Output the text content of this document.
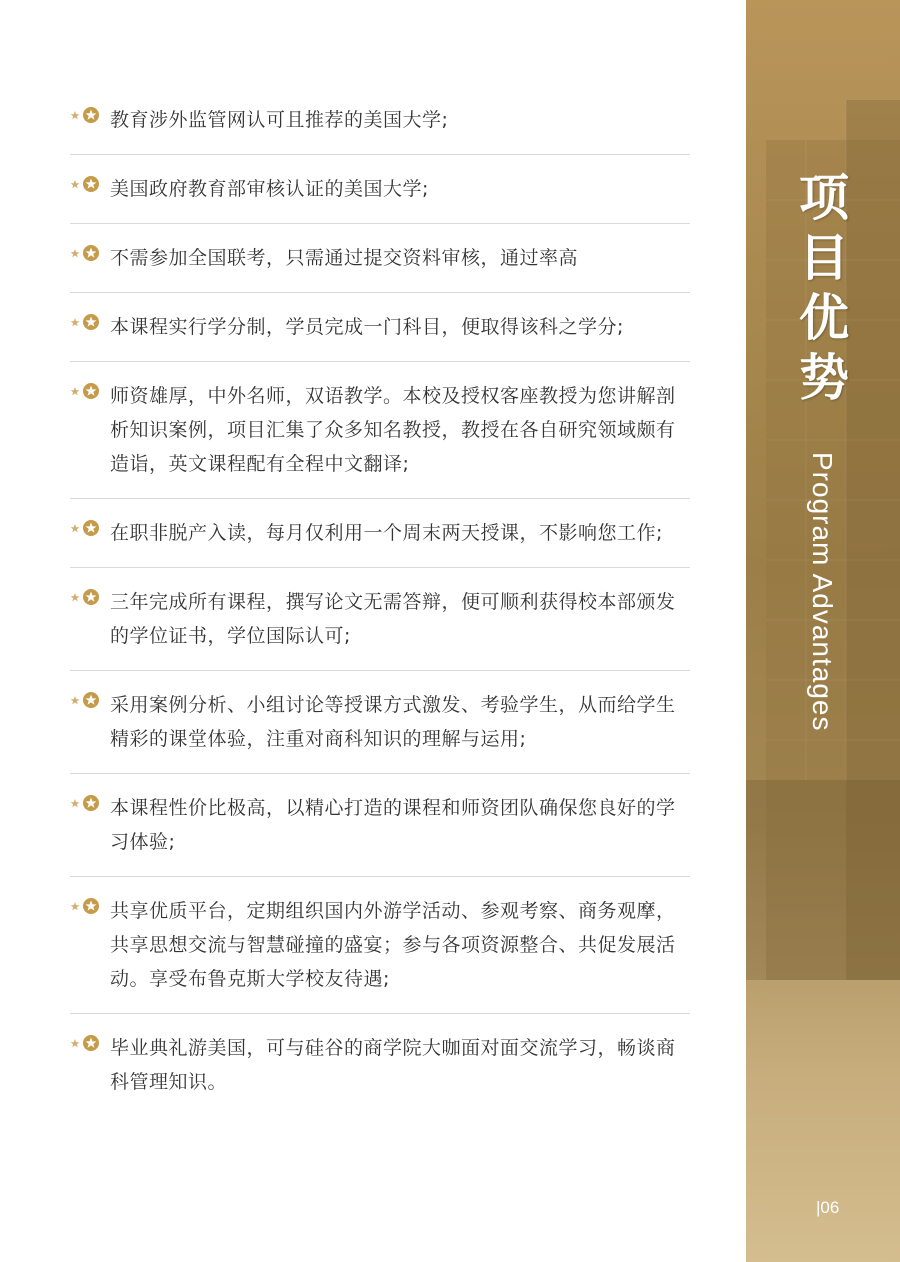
教育涉外监管网认可且推荐的美国大学;
美国政府教育部审核认证的美国大学;
不需参加全国联考，只需通过提交资料审核，通过率高
本课程实行学分制，学员完成一门科目，便取得该科之学分;
师资雄厚，中外名师，双语教学。本校及授权客座教授为您讲解剖析知识案例，项目汇集了众多知名教授，教授在各自研究领域颇有造诣，英文课程配有全程中文翻译;
在职非脱产入读，每月仅利用一个周末两天授课，不影响您工作;
三年完成所有课程，撰写论文无需答辩，便可顺利获得校本部颁发的学位证书，学位国际认可;
采用案例分析、小组讨论等授课方式激发、考验学生，从而给学生精彩的课堂体验，注重对商科知识的理解与运用;
本课程性价比极高，以精心打造的课程和师资团队确保您良好的学习体验;
共享优质平台，定期组织国内外游学活动、参观考察、商务观摩，共享思想交流与智慧碰撞的盛宴；参与各项资源整合、共促发展活动。享受布鲁克斯大学校友待遇;
毕业典礼游美国，可与硅谷的商学院大咖面对面交流学习，畅谈商科管理知识。
项
目
优
势
Program Advantages
|06
